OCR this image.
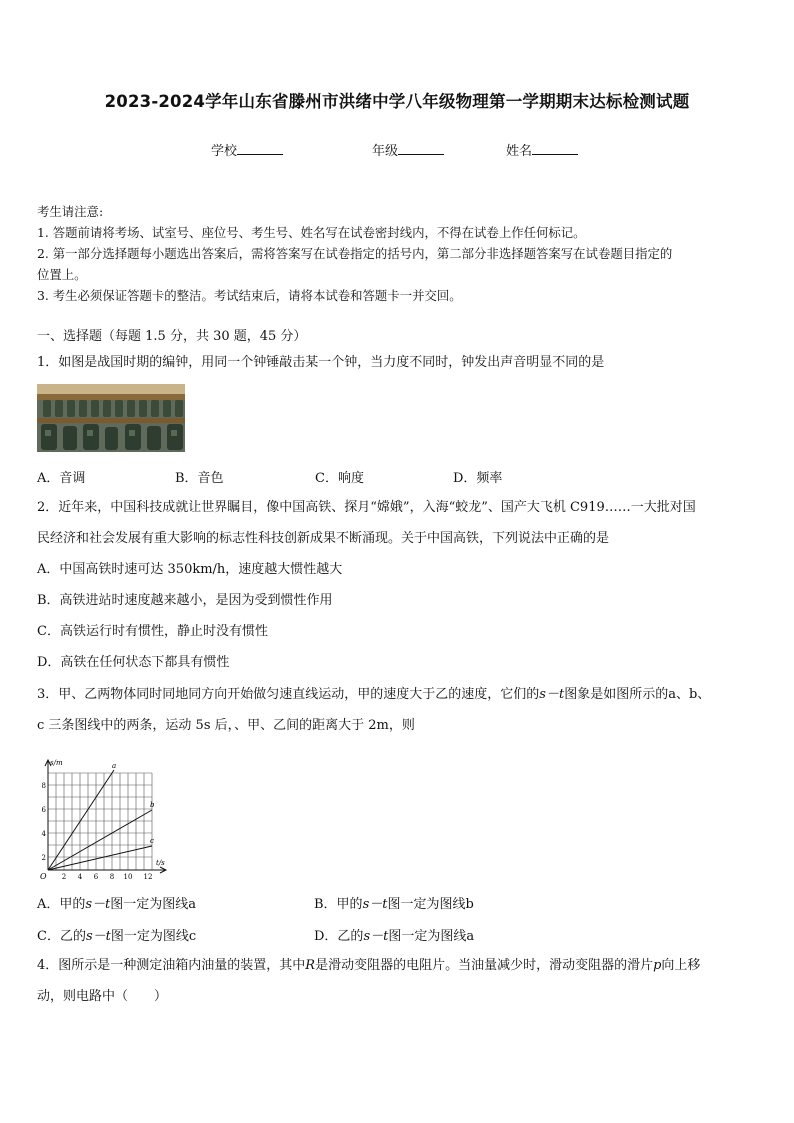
2023-2024学年山东省滕州市洪绪中学八年级物理第一学期期末达标检测试题
学校	年级	姓名
考生请注意:
1. 答题前请将考场、试室号、座位号、考生号、姓名写在试卷密封线内，不得在试卷上作任何标记。
2. 第一部分选择题每小题选出答案后，需将答案写在试卷指定的括号内，第二部分非选择题答案写在试卷题目指定的
位置上。
3. 考生必须保证答题卡的整洁。考试结束后，请将本试卷和答题卡一并交回。
一、选择题（每题 1.5 分，共 30 题，45 分）
1．如图是战国时期的编钟，用同一个钟锤敲击某一个钟，当力度不同时，钟发出声音明显不同的是
A．音调	B．音色	C．响度	D．频率
2．近年来，中国科技成就让世界瞩目，像中国高铁、探月“嫦娥”，入海“蛟龙”、国产大飞机 C919……一大批对国
民经济和社会发展有重大影响的标志性科技创新成果不断涌现。关于中国高铁，下列说法中正确的是
A．中国高铁时速可达 350km/h，速度越大惯性越大
B．高铁进站时速度越来越小，是因为受到惯性作用
C．高铁运行时有惯性，静止时没有惯性
D．高铁在任何状态下都具有惯性
3．甲、乙两物体同时同地同方向开始做匀速直线运动，甲的速度大于乙的速度，它们的s－t图象是如图所示的a、b、
c 三条图线中的两条，运动 5s 后，、甲、乙间的距离大于 2m，则
s/m
t/s
O 2 4 6 8 10 12
2
4
6
8
a
b
c
A．甲的s－t图一定为图线a	B．甲的s－t图一定为图线b
C．乙的s－t图一定为图线c	D．乙的s－t图一定为图线a
4．图所示是一种测定油箱内油量的装置，其中R是滑动变阻器的电阻片。当油量减少时，滑动变阻器的滑片p向上移
动，则电路中（　　）
